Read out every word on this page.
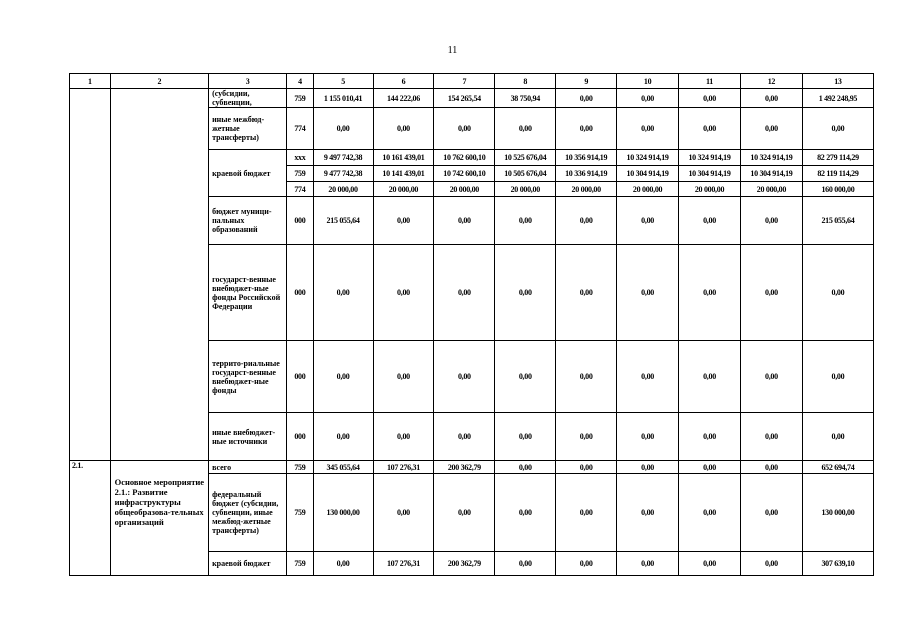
11
1	2	3	4	5	6	7	8	9	10	11	12	13
		(субсидии, субвенции,	759	1 155 010,41	144 222,06	154 265,54	38 750,94	0,00	0,00	0,00	0,00	1 492 248,95
		иные межбюд-жетные трансферты)	774	0,00	0,00	0,00	0,00	0,00	0,00	0,00	0,00	0,00
		краевой бюджет	ххх	9 497 742,38	10 161 439,01	10 762 600,10	10 525 676,04	10 356 914,19	10 324 914,19	10 324 914,19	10 324 914,19	82 279 114,29
			759	9 477 742,38	10 141 439,01	10 742 600,10	10 505 676,04	10 336 914,19	10 304 914,19	10 304 914,19	10 304 914,19	82 119 114,29
			774	20 000,00	20 000,00	20 000,00	20 000,00	20 000,00	20 000,00	20 000,00	20 000,00	160 000,00
		бюджет муници-пальных образований	000	215 055,64	0,00	0,00	0,00	0,00	0,00	0,00	0,00	215 055,64
		государст-венные внебюджет-ные фонды Российской Федерации	000	0,00	0,00	0,00	0,00	0,00	0,00	0,00	0,00	0,00
		террито-риальные государст-венные внебюджет-ные фонды	000	0,00	0,00	0,00	0,00	0,00	0,00	0,00	0,00	0,00
		иные внебюджет-ные источники	000	0,00	0,00	0,00	0,00	0,00	0,00	0,00	0,00	0,00
2.1.	Основное мероприятие 2.1.: Развитие инфраструктуры общеобразова-тельных организаций	всего	759	345 055,64	107 276,31	200 362,79	0,00	0,00	0,00	0,00	0,00	652 694,74
		федеральный бюджет (субсидии, субвенции, иные межбюд-жетные трансферты)	759	130 000,00	0,00	0,00	0,00	0,00	0,00	0,00	0,00	130 000,00
		краевой бюджет	759	0,00	107 276,31	200 362,79	0,00	0,00	0,00	0,00	0,00	307 639,10
